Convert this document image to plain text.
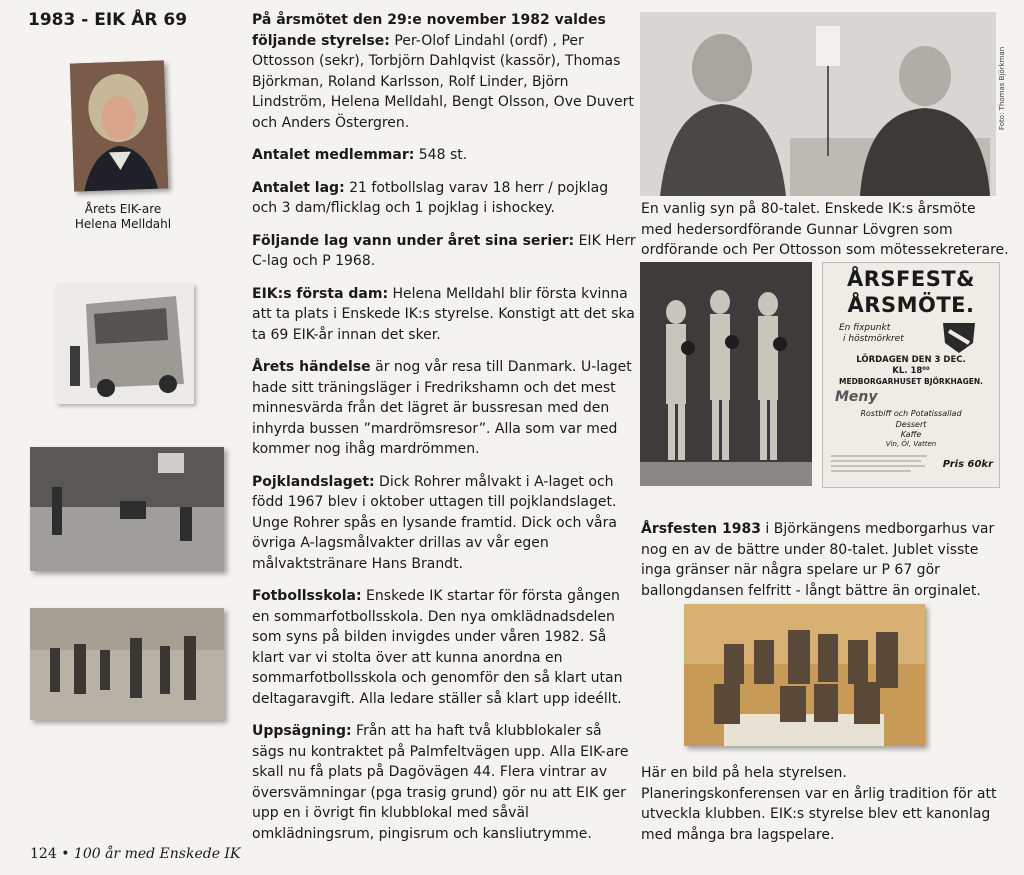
1983 - EIK ÅR 69
Årets EIK-are
Helena Melldahl

På årsmötet den 29:e november 1982 valdes följande styrelse: Per-Olof Lindahl (ordf) , Per Ottosson (sekr), Torbjörn Dahlqvist (kassör), Thomas Björkman, Roland Karlsson, Rolf Linder, Björn Lindström, Helena Melldahl, Bengt Olsson, Ove Duvert och Anders Östergren.

Antalet medlemmar: 548 st.

Antalet lag: 21 fotbollslag varav 18 herr / pojklag och 3 dam/flicklag och 1 pojklag i ishockey.

Följande lag vann under året sina serier: EIK Herr C-lag och P 1968.

EIK:s första dam: Helena Melldahl blir första kvinna att ta plats i Enskede IK:s styrelse. Konstigt att det ska ta 69 EIK-år innan det sker.

Årets händelse är nog vår resa till Danmark. U-laget hade sitt träningsläger i Fredrikshamn och det mest minnesvärda från det lägret är bussresan med den inhyrda bussen ”mardrömsresor”. Alla som var med kommer nog ihåg mardrömmen.

Pojklandslaget: Dick Rohrer målvakt i A-laget och född 1967 blev i oktober uttagen till pojklandslaget. Unge Rohrer spås en lysande framtid. Dick och våra övriga A-lagsmålvakter drillas av vår egen målvaktstränare Hans Brandt.

Fotbollsskola: Enskede IK startar för första gången en sommarfotbollsskola. Den nya omklädnadsdelen som syns på bilden invigdes under våren 1982. Så klart var vi stolta över att kunna anordna en sommarfotbollsskola och genomför den så klart utan deltagaravgift. Alla ledare ställer så klart upp ideéllt.

Uppsägning: Från att ha haft två klubblokaler så sägs nu kontraktet på Palmfeltvägen upp. Alla EIK-are skall nu få plats på Dagövägen 44. Flera vintrar av översvämningar (pga trasig grund) gör nu att EIK ger upp en i övrigt fin klubblokal med såväl omklädningsrum, pingisrum och kansliutrymme.

Foto: Thomas Björkman
En vanlig syn på 80-talet. Enskede IK:s årsmöte med hedersordförande Gunnar Lövgren som ordförande och Per Ottosson som mötessekreterare.
ÅRSFEST&
ÅRSMÖTE.
En fixpunkt
i höstmörkret
LÖRDAGEN DEN 3 DEC.
KL. 18⁰⁰
MEDBORGARHUSET BJÖRKHAGEN.
Meny
Rostbiff och Potatissallad
Dessert
Kaffe
Vin, Öl, Vatten
Pris 60kr
Årsfesten 1983 i Björkängens medborgarhus var nog en av de bättre under 80-talet. Jublet visste inga gränser när några spelare ur P 67 gör ballongdansen felfritt - långt bättre än orginalet.
Här en bild på hela styrelsen. Planeringskonferensen var en årlig tradition för att utveckla klubben. EIK:s styrelse blev ett kanonlag med många bra lagspelare.
124 • 100 år med Enskede IK
